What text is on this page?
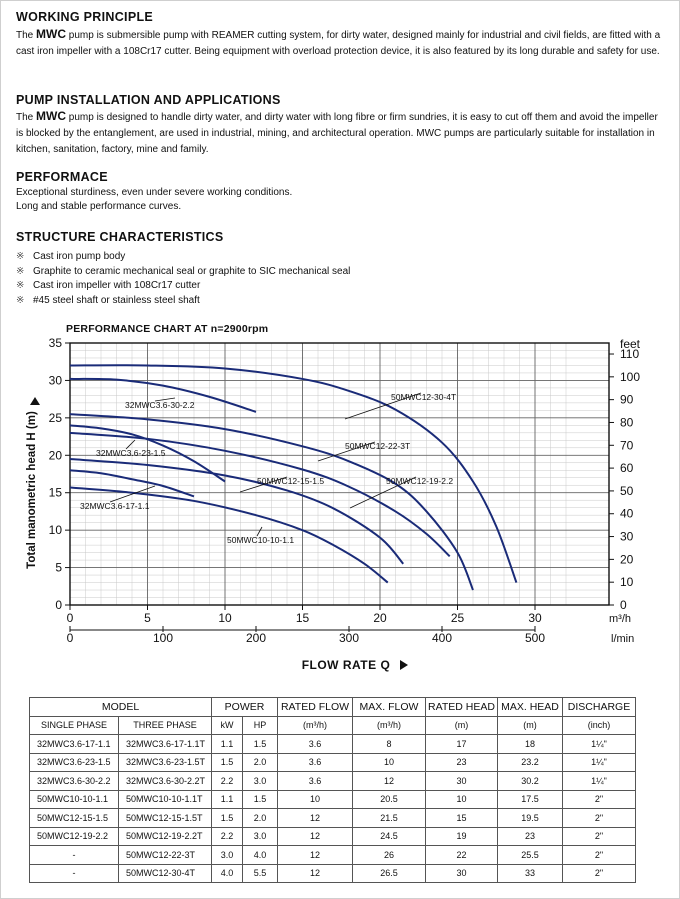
WORKING PRINCIPLE
The MWC pump is submersible pump with REAMER cutting system, for dirty water, designed mainly for industrial and civil fields, are fitted with a cast iron impeller with a 108Cr17 cutter. Being equipment with overload protection device, it is also featured by its long durable and safety for use.
PUMP INSTALLATION AND APPLICATIONS
The MWC pump is designed to handle dirty water, and dirty water with long fibre or firm sundries, it is easy to cut off them and avoid the impeller is blocked by the entanglement, are used in industrial, mining, and architectural operation. MWC pumps are particularly suitable for installation in kitchen, sanitation, factory, mine and family.
PERFORMACE
Exceptional sturdiness, even under severe working conditions.
Long and stable performance curves.
STRUCTURE CHARACTERISTICS
※ Cast iron pump body
※ Graphite to ceramic mechanical seal or graphite to SIC mechanical seal
※ Cast iron impeller with 108Cr17 cutter
※ #45 steel shaft or stainless steel shaft
PERFORMANCE CHART AT n=2900rpm
0
5
10
15
20
25
30
35
0
10
20
30
40
50
60
70
80
90
100
110
feet
0	5	10	15	20	25	30	m³/h
0	100	200	300	400	500	l/min
Total manometric head H (m)
FLOW RATE Q
32MWC3.6-30-2.2
32MWC3.6-23-1.5
32MWC3.6-17-1.1
50MWC12-30-4T
50MWC12-22-3T
50MWC12-15-1.5	50MWC12-19-2.2
50MWC10-10-1.1
MODEL		POWER		RATED FLOW	MAX. FLOW	RATED HEAD	MAX. HEAD	DISCHARGE
SINGLE PHASE	THREE PHASE	kW	HP	(m³/h)	(m³/h)	(m)	(m)	(inch)
32MWC3.6-17-1.1	32MWC3.6-17-1.1T	1.1	1.5	3.6	8	17	18	1¼"
32MWC3.6-23-1.5	32MWC3.6-23-1.5T	1.5	2.0	3.6	10	23	23.2	1¼"
32MWC3.6-30-2.2	32MWC3.6-30-2.2T	2.2	3.0	3.6	12	30	30.2	1¼"
50MWC10-10-1.1	50MWC10-10-1.1T	1.1	1.5	10	20.5	10	17.5	2"
50MWC12-15-1.5	50MWC12-15-1.5T	1.5	2.0	12	21.5	15	19.5	2"
50MWC12-19-2.2	50MWC12-19-2.2T	2.2	3.0	12	24.5	19	23	2"
-	50MWC12-22-3T	3.0	4.0	12	26	22	25.5	2"
-	50MWC12-30-4T	4.0	5.5	12	26.5	30	33	2"
